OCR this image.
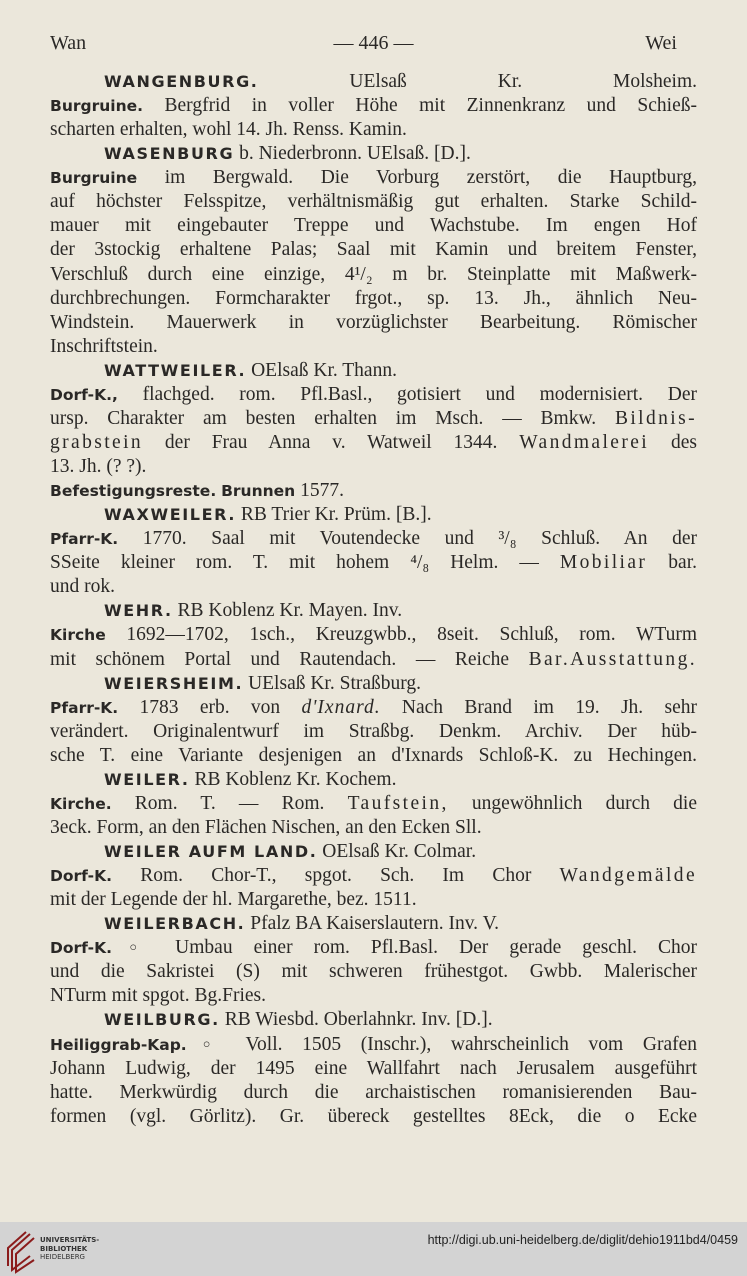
Wan	— 446 —	Wei
WANGENBURG. UElsaß Kr. Molsheim.
Burgruine. Bergfrid in voller Höhe mit Zinnenkranz und Schieß-
scharten erhalten, wohl 14. Jh. Renss. Kamin.
WASENBURG b. Niederbronn. UElsaß. [D.].
Burgruine im Bergwald. Die Vorburg zerstört, die Hauptburg,
auf höchster Felsspitze, verhältnismäßig gut erhalten. Starke Schild-
mauer mit eingebauter Treppe und Wachstube. Im engen Hof
der 3stockig erhaltene Palas; Saal mit Kamin und breitem Fenster,
Verschluß durch eine einzige, 4¹/₂ m br. Steinplatte mit Maßwerk-
durchbrechungen. Formcharakter frgot., sp. 13. Jh., ähnlich Neu-
Windstein. Mauerwerk in vorzüglichster Bearbeitung. Römischer
Inschriftstein.
WATTWEILER. OElsaß Kr. Thann.
Dorf-K., flachged. rom. Pfl.Basl., gotisiert und modernisiert. Der
ursp. Charakter am besten erhalten im Msch. — Bmkw. Bildnis-
grabstein der Frau Anna v. Watweil 1344. Wandmalerei des
13. Jh. (? ?).
Befestigungsreste. Brunnen 1577.
WAXWEILER. RB Trier Kr. Prüm. [B.].
Pfarr-K. 1770. Saal mit Voutendecke und ³/₈ Schluß. An der
SSeite kleiner rom. T. mit hohem ⁴/₈ Helm. — Mobiliar bar.
und rok.
WEHR. RB Koblenz Kr. Mayen. Inv.
Kirche 1692—1702, 1sch., Kreuzgwbb., 8seit. Schluß, rom. WTurm
mit schönem Portal und Rautendach. — Reiche Bar.Ausstattung.
WEIERSHEIM. UElsaß Kr. Straßburg.
Pfarr-K. 1783 erb. von d'Ixnard. Nach Brand im 19. Jh. sehr
verändert. Originalentwurf im Straßbg. Denkm. Archiv. Der hüb-
sche T. eine Variante desjenigen an d'Ixnards Schloß-K. zu Hechingen.
WEILER. RB Koblenz Kr. Kochem.
Kirche. Rom. T. — Rom. Taufstein, ungewöhnlich durch die
3eck. Form, an den Flächen Nischen, an den Ecken Sll.
WEILER AUFM LAND. OElsaß Kr. Colmar.
Dorf-K. Rom. Chor-T., spgot. Sch. Im Chor Wandgemälde
mit der Legende der hl. Margarethe, bez. 1511.
WEILERBACH. Pfalz BA Kaiserslautern. Inv. V.
Dorf-K.◦ Umbau einer rom. Pfl.Basl. Der gerade geschl. Chor
und die Sakristei (S) mit schweren frühestgot. Gwbb. Malerischer
NTurm mit spgot. Bg.Fries.
WEILBURG. RB Wiesbd. Oberlahnkr. Inv. [D.].
Heiliggrab-Kap.◦ Voll. 1505 (Inschr.), wahrscheinlich vom Grafen
Johann Ludwig, der 1495 eine Wallfahrt nach Jerusalem ausgeführt
hatte. Merkwürdig durch die archaistischen romanisierenden Bau-
formen (vgl. Görlitz). Gr. übereck gestelltes 8Eck, die o Ecke
UNIVERSITÄTS-
BIBLIOTHEK
HEIDELBERG
http://digi.ub.uni-heidelberg.de/diglit/dehio1911bd4/0459
